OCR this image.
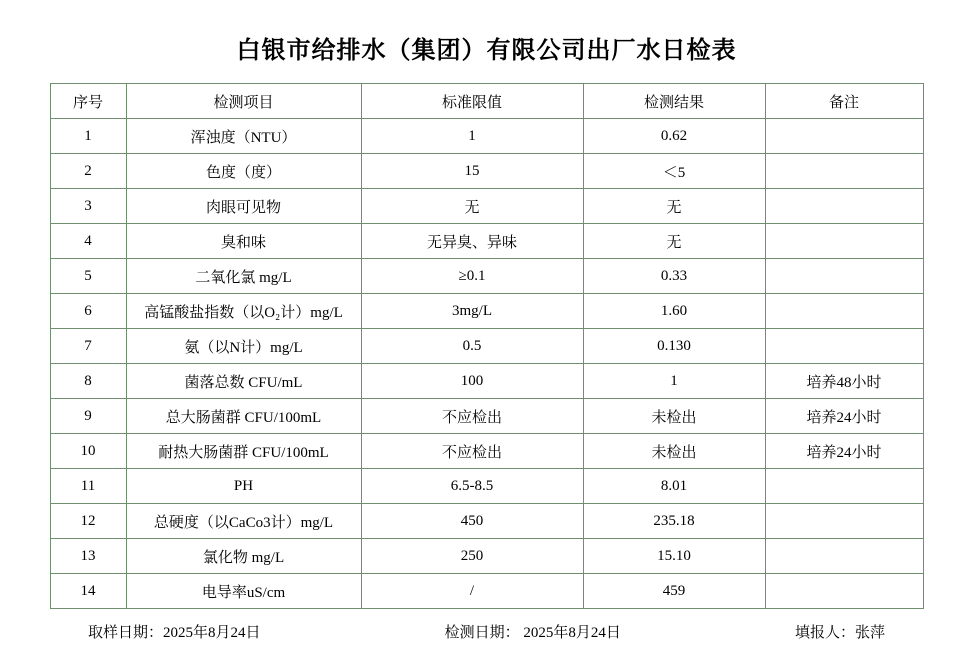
白银市给排水（集团）有限公司出厂水日检表
序号	检测项目	标准限值	检测结果	备注
1	浑浊度（NTU）	1	0.62	
2	色度（度）	15	＜5	
3	肉眼可见物	无	无	
4	臭和味	无异臭、异味	无	
5	二氧化氯 mg/L	≥0.1	0.33	
6	高锰酸盐指数（以O₂计）mg/L	3mg/L	1.60	
7	氨（以N计）mg/L	0.5	0.130	
8	菌落总数 CFU/mL	100	1	培养48小时
9	总大肠菌群 CFU/100mL	不应检出	未检出	培养24小时
10	耐热大肠菌群 CFU/100mL	不应检出	未检出	培养24小时
11	PH	6.5-8.5	8.01	
12	总硬度（以CaCo3计）mg/L	450	235.18	
13	氯化物 mg/L	250	15.10	
14	电导率uS/cm	/	459	
取样日期：2025年8月24日	检测日期： 2025年8月24日	填报人：张萍
